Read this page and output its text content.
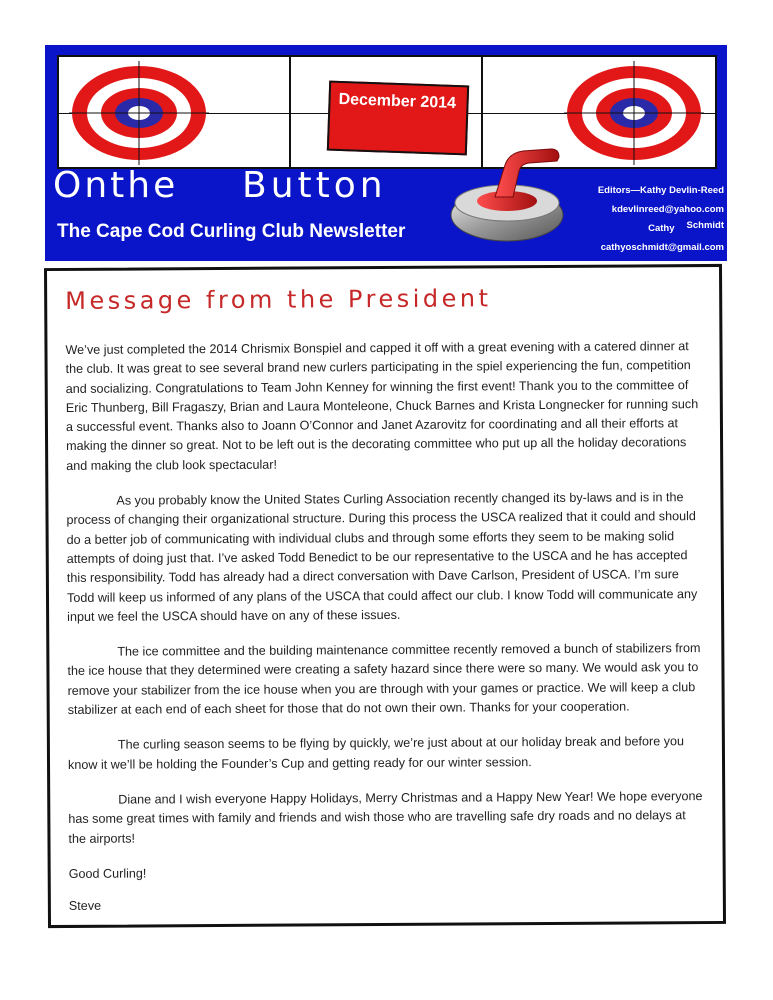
December 2014
Onthe Button
The Cape Cod Curling Club Newsletter
Editors—Kathy Devlin-Reed
kdevlinreed@yahoo.com
Cathy Schmidt
cathyoschmidt@gmail.com
Message from the President

We’ve just completed the 2014 Chrismix Bonspiel and capped it off with a great evening with a catered dinner at the club. It was great to see several brand new curlers participating in the spiel experiencing the fun, competition and socializing. Congratulations to Team John Kenney for winning the first event! Thank you to the committee of Eric Thunberg, Bill Fragaszy, Brian and Laura Monteleone, Chuck Barnes and Krista Longnecker for running such a successful event. Thanks also to Joann O’Connor and Janet Azarovitz for coordinating and all their efforts at making the dinner so great. Not to be left out is the decorating committee who put up all the holiday decorations and making the club look spectacular!

As you probably know the United States Curling Association recently changed its by-laws and is in the process of changing their organizational structure. During this process the USCA realized that it could and should do a better job of communicating with individual clubs and through some efforts they seem to be making solid attempts of doing just that. I’ve asked Todd Benedict to be our representative to the USCA and he has accepted this responsibility. Todd has already had a direct conversation with Dave Carlson, President of USCA. I’m sure Todd will keep us informed of any plans of the USCA that could affect our club. I know Todd will communicate any input we feel the USCA should have on any of these issues.

The ice committee and the building maintenance committee recently removed a bunch of stabilizers from the ice house that they determined were creating a safety hazard since there were so many. We would ask you to remove your stabilizer from the ice house when you are through with your games or practice. We will keep a club stabilizer at each end of each sheet for those that do not own their own. Thanks for your cooperation.

The curling season seems to be flying by quickly, we’re just about at our holiday break and before you know it we’ll be holding the Founder’s Cup and getting ready for our winter session.

Diane and I wish everyone Happy Holidays, Merry Christmas and a Happy New Year! We hope everyone has some great times with family and friends and wish those who are travelling safe dry roads and no delays at the airports!

Good Curling!

Steve
